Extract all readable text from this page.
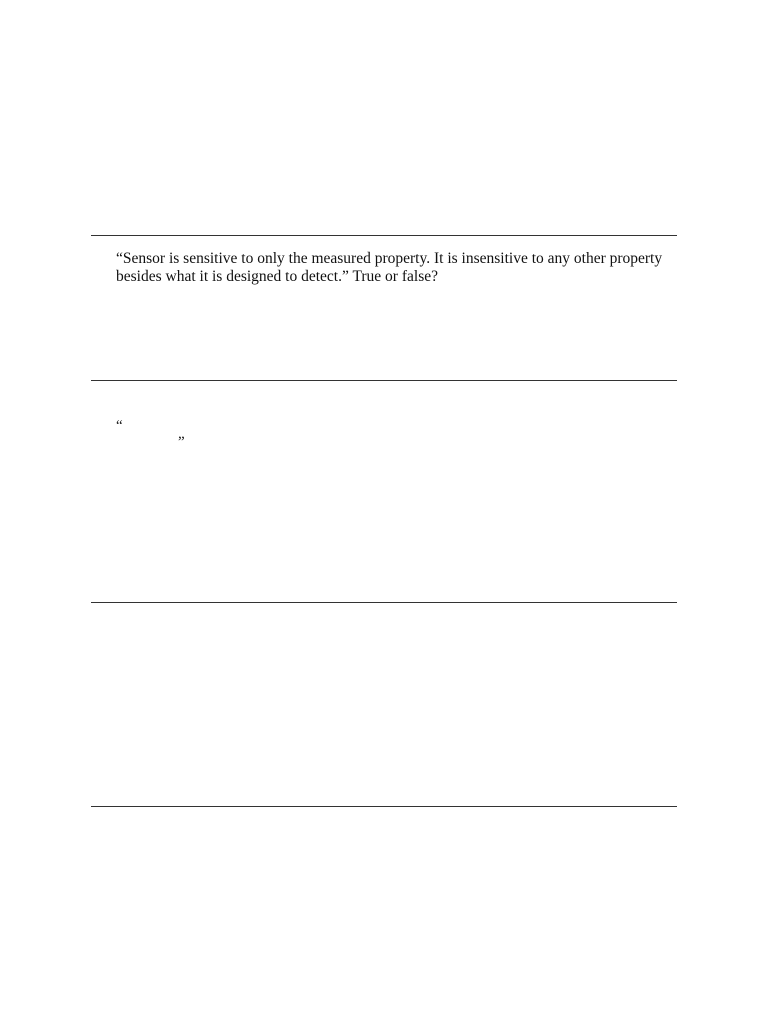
“Sensor is sensitive to only the measured property. It is insensitive to any other property
besides what it is designed to detect.” True or false?

“

”
